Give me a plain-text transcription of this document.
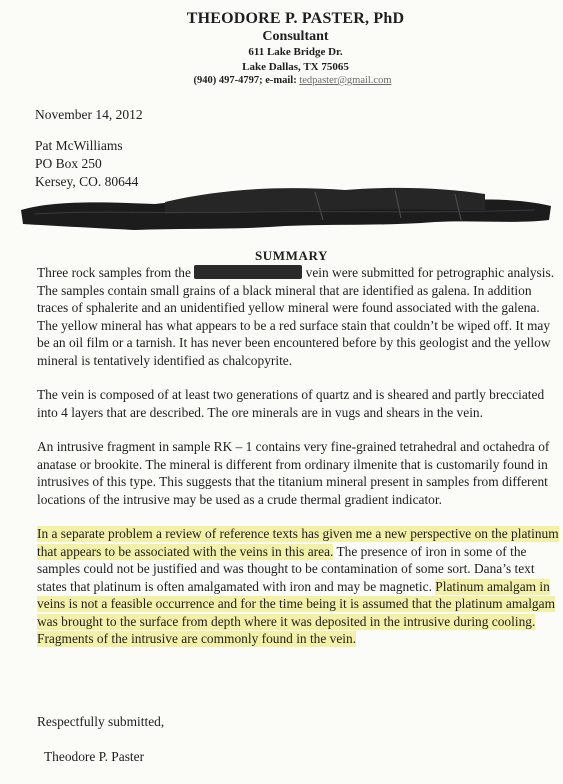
THEODORE P. PASTER, PhD
Consultant
611 Lake Bridge Dr.
Lake Dallas, TX 75065
(940) 497-4797; e-mail: tedpaster@gmail.com
November 14, 2012
Pat McWilliams
PO Box 250
Kersey, CO. 80644
SUMMARY

Three rock samples from the	vein were submitted for petrographic analysis. The samples contain small grains of a black mineral that are identified as galena. In addition traces of sphalerite and an unidentified yellow mineral were found associated with the galena. The yellow mineral has what appears to be a red surface stain that couldn’t be wiped off. It may be an oil film or a tarnish. It has never been encountered before by this geologist and the yellow mineral is tentatively identified as chalcopyrite.

The vein is composed of at least two generations of quartz and is sheared and partly brecciated into 4 layers that are described. The ore minerals are in vugs and shears in the vein.

An intrusive fragment in sample RK – 1 contains very fine-grained tetrahedral and octahedra of anatase or brookite. The mineral is different from ordinary ilmenite that is customarily found in intrusives of this type. This suggests that the titanium mineral present in samples from different locations of the intrusive may be used as a crude thermal gradient indicator.

In a separate problem a review of reference texts has given me a new perspective on the platinum that appears to be associated with the veins in this area. The presence of iron in some of the samples could not be justified and was thought to be contamination of some sort. Dana’s text states that platinum is often amalgamated with iron and may be magnetic. Platinum amalgam in veins is not a feasible occurrence and for the time being it is assumed that the platinum amalgam was brought to the surface from depth where it was deposited in the intrusive during cooling. Fragments of the intrusive are commonly found in the vein.

Respectfully submitted,
Theodore P. Paster
